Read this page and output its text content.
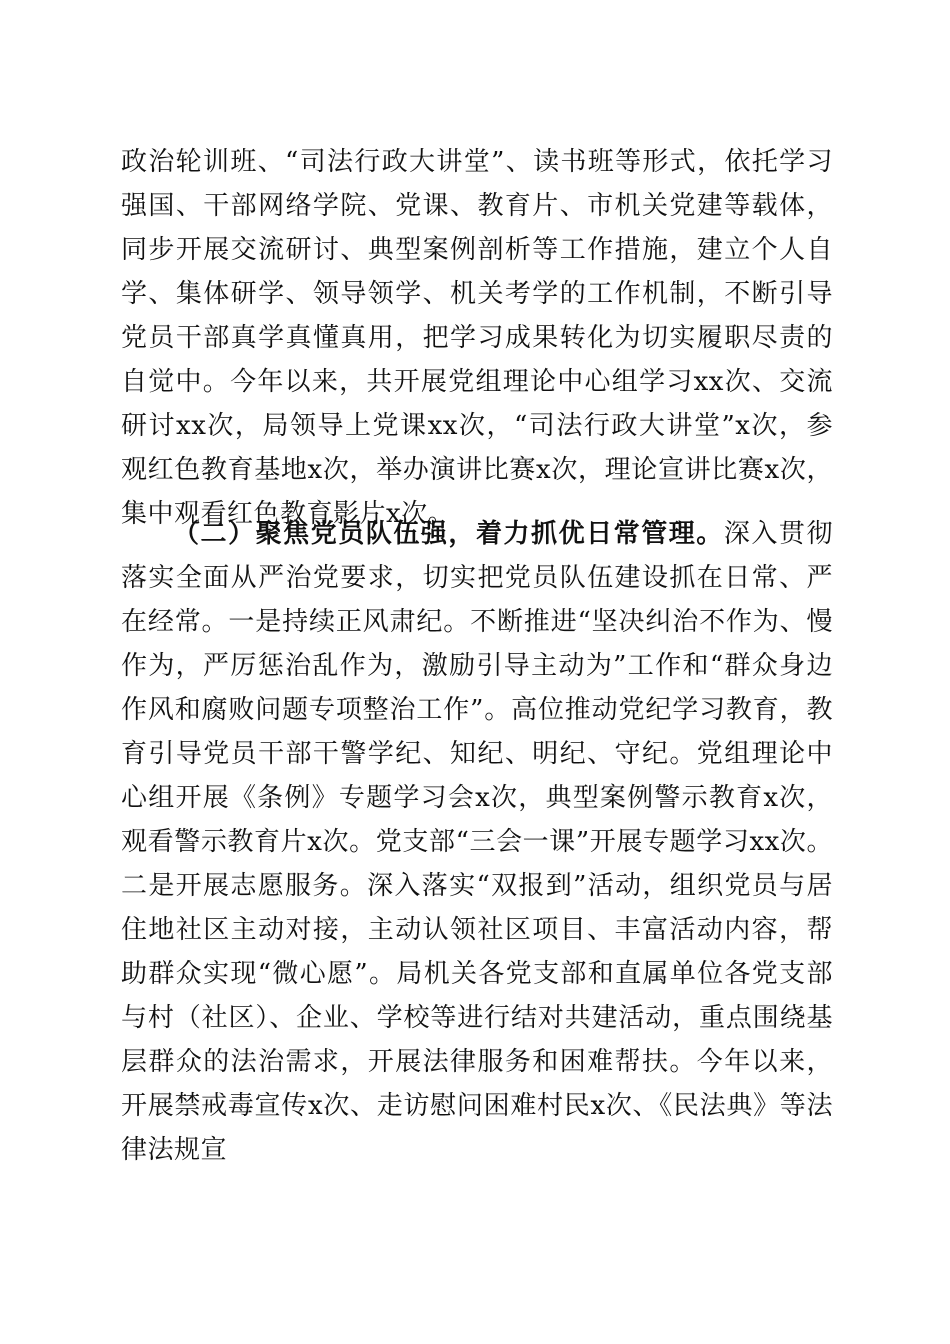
政治轮训班、“司法行政大讲堂”、读书班等形式，依托学习强国、干部网络学院、党课、教育片、市机关党建等载体，同步开展交流研讨、典型案例剖析等工作措施，建立个人自学、集体研学、领导领学、机关考学的工作机制，不断引导党员干部真学真懂真用，把学习成果转化为切实履职尽责的自觉中。今年以来，共开展党组理论中心组学习xx次、交流研讨xx次，局领导上党课xx次，“司法行政大讲堂”x次，参观红色教育基地x次，举办演讲比赛x次，理论宣讲比赛x次，集中观看红色教育影片x次。

（二）聚焦党员队伍强，着力抓优日常管理。深入贯彻落实全面从严治党要求，切实把党员队伍建设抓在日常、严在经常。一是持续正风肃纪。不断推进“坚决纠治不作为、慢作为，严厉惩治乱作为，激励引导主动为”工作和“群众身边作风和腐败问题专项整治工作”。高位推动党纪学习教育，教育引导党员干部干警学纪、知纪、明纪、守纪。党组理论中心组开展《条例》专题学习会x次，典型案例警示教育x次，观看警示教育片x次。党支部“三会一课”开展专题学习xx次。二是开展志愿服务。深入落实“双报到”活动，组织党员与居住地社区主动对接，主动认领社区项目、丰富活动内容，帮助群众实现“微心愿”。局机关各党支部和直属单位各党支部与村（社区）、企业、学校等进行结对共建活动，重点围绕基层群众的法治需求，开展法律服务和困难帮扶。今年以来，开展禁戒毒宣传x次、走访慰问困难村民x次、《民法典》等法律法规宣
